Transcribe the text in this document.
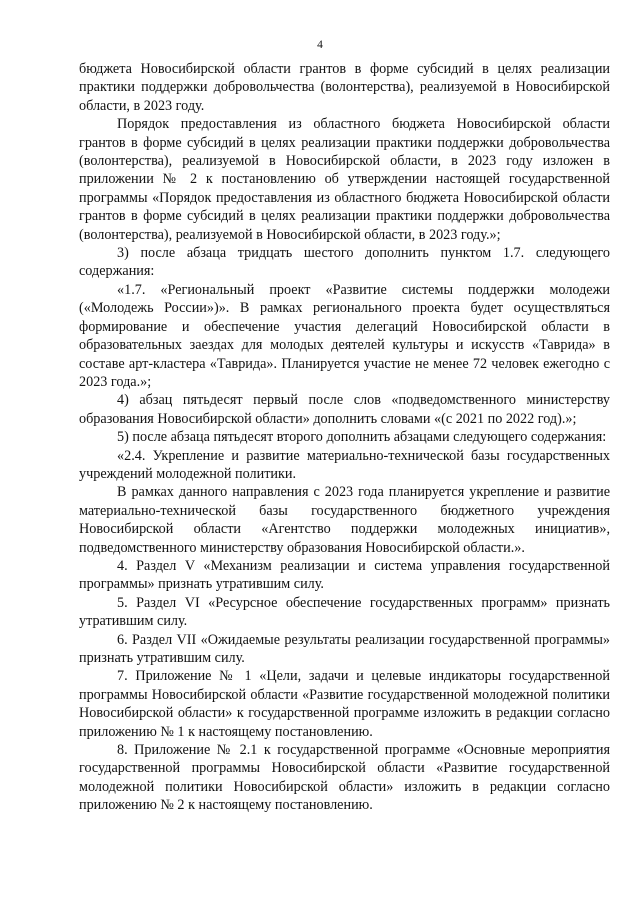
4

бюджета Новосибирской области грантов в форме субсидий в целях реализации практики поддержки добровольчества (волонтерства), реализуемой в Новосибирской области, в 2023 году.

Порядок предоставления из областного бюджета Новосибирской области грантов в форме субсидий в целях реализации практики поддержки добровольчества (волонтерства), реализуемой в Новосибирской области, в 2023 году изложен в приложении № 2 к постановлению об утверждении настоящей государственной программы «Порядок предоставления из областного бюджета Новосибирской области грантов в форме субсидий в целях реализации практики поддержки добровольчества (волонтерства), реализуемой в Новосибирской области, в 2023 году.»;

3) после абзаца тридцать шестого дополнить пунктом 1.7. следующего содержания:

«1.7. «Региональный проект «Развитие системы поддержки молодежи («Молодежь России»)». В рамках регионального проекта будет осуществляться формирование и обеспечение участия делегаций Новосибирской области в образовательных заездах для молодых деятелей культуры и искусств «Таврида» в составе арт-кластера «Таврида». Планируется участие не менее 72 человек ежегодно с 2023 года.»;

4) абзац пятьдесят первый после слов «подведомственного министерству образования Новосибирской области» дополнить словами «(с 2021 по 2022 год).»;

5) после абзаца пятьдесят второго дополнить абзацами следующего содержания:

«2.4. Укрепление и развитие материально-технической базы государственных учреждений молодежной политики.

В рамках данного направления с 2023 года планируется укрепление и развитие материально-технической базы государственного бюджетного учреждения Новосибирской области «Агентство поддержки молодежных инициатив», подведомственного министерству образования Новосибирской области.».

4. Раздел V «Механизм реализации и система управления государственной программы» признать утратившим силу.

5. Раздел VI «Ресурсное обеспечение государственных программ» признать утратившим силу.

6. Раздел VII «Ожидаемые результаты реализации государственной программы» признать утратившим силу.

7. Приложение № 1 «Цели, задачи и целевые индикаторы государственной программы Новосибирской области «Развитие государственной молодежной политики Новосибирской области» к государственной программе изложить в редакции согласно приложению № 1 к настоящему постановлению.

8. Приложение № 2.1 к государственной программе «Основные мероприятия государственной программы Новосибирской области «Развитие государственной молодежной политики Новосибирской области» изложить в редакции согласно приложению № 2 к настоящему постановлению.
